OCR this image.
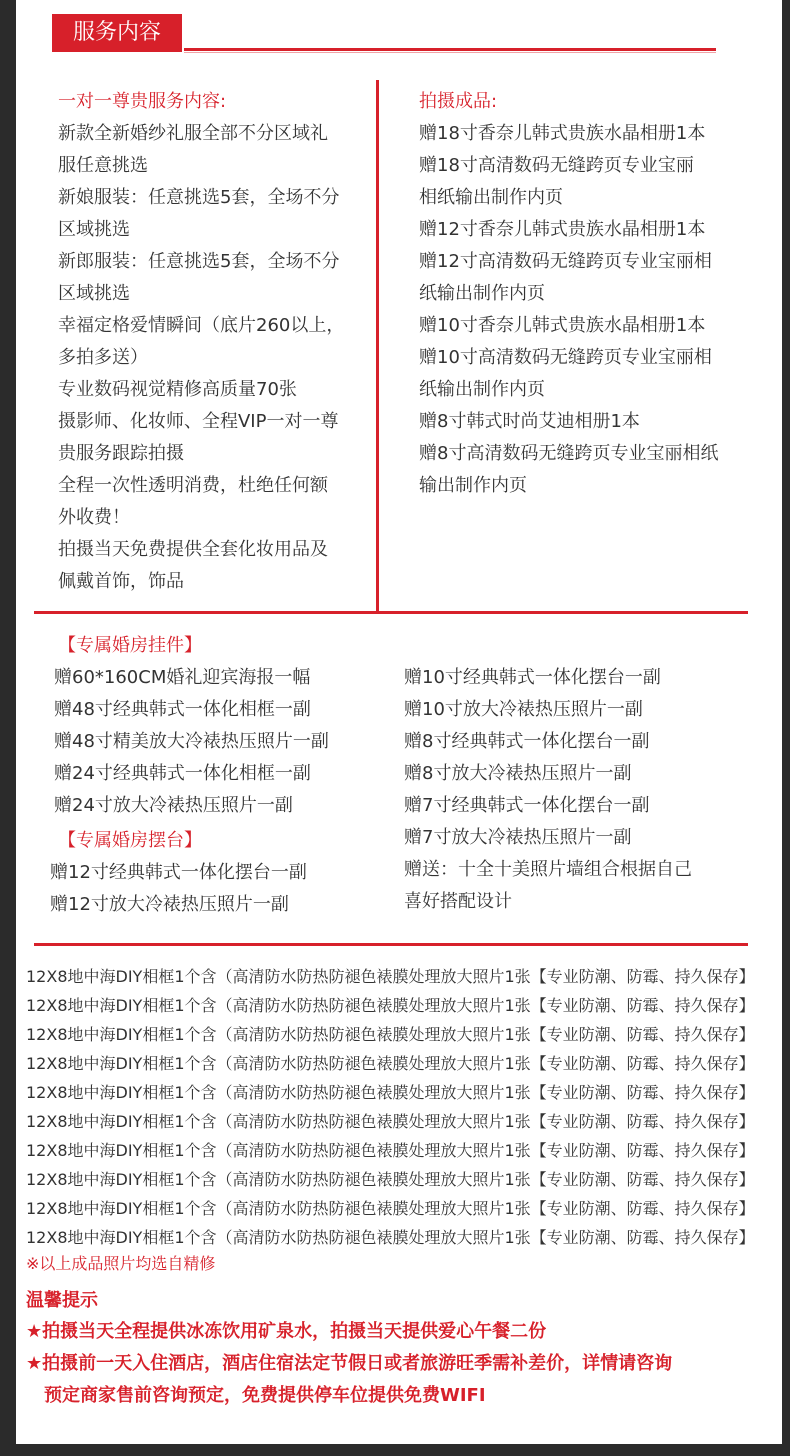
服务内容
一对一尊贵服务内容:
新款全新婚纱礼服全部不分区域礼
服任意挑选
新娘服装：任意挑选5套，全场不分
区域挑选
新郎服装：任意挑选5套，全场不分
区域挑选
幸福定格爱情瞬间（底片260以上，
多拍多送）
专业数码视觉精修高质量70张
摄影师、化妆师、全程VIP一对一尊
贵服务跟踪拍摄
全程一次性透明消费，杜绝任何额
外收费！
拍摄当天免费提供全套化妆用品及
佩戴首饰，饰品
拍摄成品:
赠18寸香奈儿韩式贵族水晶相册1本
赠18寸高清数码无缝跨页专业宝丽
相纸输出制作内页
赠12寸香奈儿韩式贵族水晶相册1本
赠12寸高清数码无缝跨页专业宝丽相
纸输出制作内页
赠10寸香奈儿韩式贵族水晶相册1本
赠10寸高清数码无缝跨页专业宝丽相
纸输出制作内页
赠8寸韩式时尚艾迪相册1本
赠8寸高清数码无缝跨页专业宝丽相纸
输出制作内页
【专属婚房挂件】
赠60*160CM婚礼迎宾海报一幅
赠48寸经典韩式一体化相框一副
赠48寸精美放大冷裱热压照片一副
赠24寸经典韩式一体化相框一副
赠24寸放大冷裱热压照片一副
【专属婚房摆台】
赠12寸经典韩式一体化摆台一副
赠12寸放大冷裱热压照片一副
赠10寸经典韩式一体化摆台一副
赠10寸放大冷裱热压照片一副
赠8寸经典韩式一体化摆台一副
赠8寸放大冷裱热压照片一副
赠7寸经典韩式一体化摆台一副
赠7寸放大冷裱热压照片一副
赠送：十全十美照片墙组合根据自己
喜好搭配设计
12X8地中海DIY相框1个含（高清防水防热防褪色裱膜处理放大照片1张【专业防潮、防霉、持久保存】
12X8地中海DIY相框1个含（高清防水防热防褪色裱膜处理放大照片1张【专业防潮、防霉、持久保存】
12X8地中海DIY相框1个含（高清防水防热防褪色裱膜处理放大照片1张【专业防潮、防霉、持久保存】
12X8地中海DIY相框1个含（高清防水防热防褪色裱膜处理放大照片1张【专业防潮、防霉、持久保存】
12X8地中海DIY相框1个含（高清防水防热防褪色裱膜处理放大照片1张【专业防潮、防霉、持久保存】
12X8地中海DIY相框1个含（高清防水防热防褪色裱膜处理放大照片1张【专业防潮、防霉、持久保存】
12X8地中海DIY相框1个含（高清防水防热防褪色裱膜处理放大照片1张【专业防潮、防霉、持久保存】
12X8地中海DIY相框1个含（高清防水防热防褪色裱膜处理放大照片1张【专业防潮、防霉、持久保存】
12X8地中海DIY相框1个含（高清防水防热防褪色裱膜处理放大照片1张【专业防潮、防霉、持久保存】
12X8地中海DIY相框1个含（高清防水防热防褪色裱膜处理放大照片1张【专业防潮、防霉、持久保存】
※以上成品照片均选自精修
温馨提示
★拍摄当天全程提供冰冻饮用矿泉水，拍摄当天提供爱心午餐二份
★拍摄前一天入住酒店，酒店住宿法定节假日或者旅游旺季需补差价，详情请咨询
预定商家售前咨询预定，免费提供停车位提供免费WIFI
